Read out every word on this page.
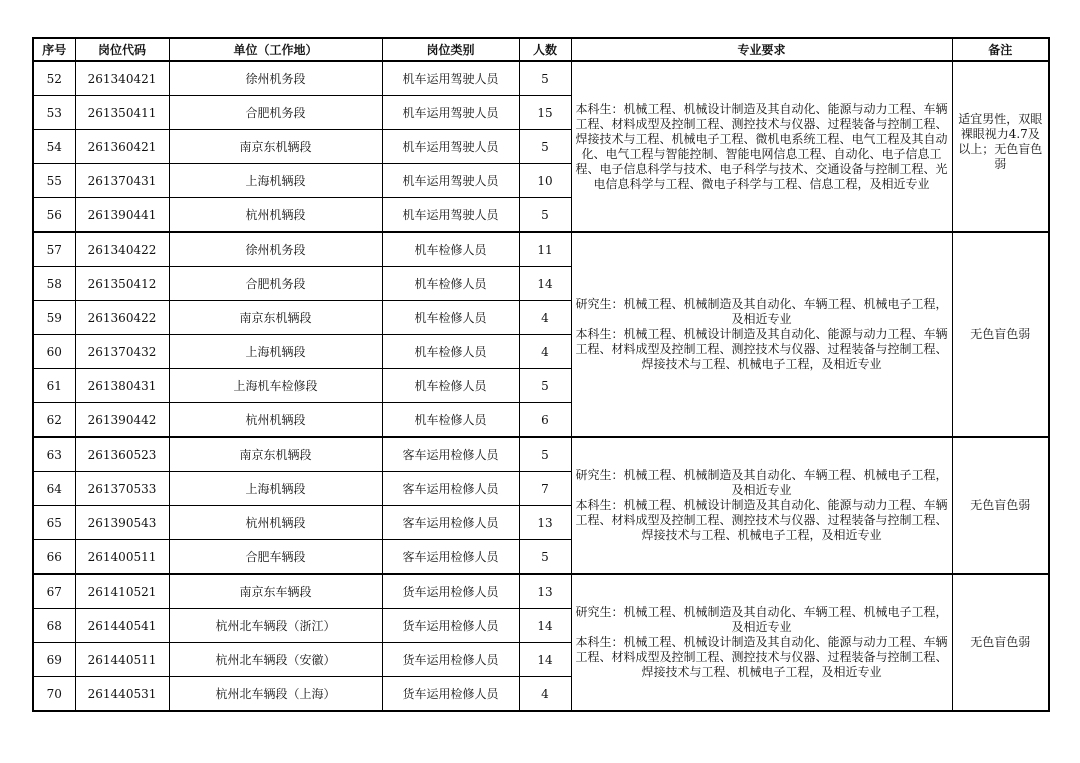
序号	岗位代码	单位（工作地）	岗位类别	人数	专业要求	备注
52	261340421	徐州机务段	机车运用驾驶人员	5	本科生：机械工程、机械设计制造及其自动化、能源与动力工程、车辆工程、材料成型及控制工程、测控技术与仪器、过程装备与控制工程、焊接技术与工程、机械电子工程、微机电系统工程、电气工程及其自动化、电气工程与智能控制、智能电网信息工程、自动化、电子信息工程、电子信息科学与技术、电子科学与技术、交通设备与控制工程、光电信息科学与工程、微电子科学与工程、信息工程，及相近专业	适宜男性，双眼裸眼视力4.7及以上；无色盲色弱
53	261350411	合肥机务段	机车运用驾驶人员	15		
54	261360421	南京东机辆段	机车运用驾驶人员	5		
55	261370431	上海机辆段	机车运用驾驶人员	10		
56	261390441	杭州机辆段	机车运用驾驶人员	5		
57	261340422	徐州机务段	机车检修人员	11	研究生：机械工程、机械制造及其自动化、车辆工程、机械电子工程，及相近专业
本科生：机械工程、机械设计制造及其自动化、能源与动力工程、车辆工程、材料成型及控制工程、测控技术与仪器、过程装备与控制工程、焊接技术与工程、机械电子工程，及相近专业	无色盲色弱
58	261350412	合肥机务段	机车检修人员	14		
59	261360422	南京东机辆段	机车检修人员	4		
60	261370432	上海机辆段	机车检修人员	4		
61	261380431	上海机车检修段	机车检修人员	5		
62	261390442	杭州机辆段	机车检修人员	6		
63	261360523	南京东机辆段	客车运用检修人员	5	研究生：机械工程、机械制造及其自动化、车辆工程、机械电子工程，及相近专业
本科生：机械工程、机械设计制造及其自动化、能源与动力工程、车辆工程、材料成型及控制工程、测控技术与仪器、过程装备与控制工程、焊接技术与工程、机械电子工程，及相近专业	无色盲色弱
64	261370533	上海机辆段	客车运用检修人员	7		
65	261390543	杭州机辆段	客车运用检修人员	13		
66	261400511	合肥车辆段	客车运用检修人员	5		
67	261410521	南京东车辆段	货车运用检修人员	13	研究生：机械工程、机械制造及其自动化、车辆工程、机械电子工程，及相近专业
本科生：机械工程、机械设计制造及其自动化、能源与动力工程、车辆工程、材料成型及控制工程、测控技术与仪器、过程装备与控制工程、焊接技术与工程、机械电子工程，及相近专业	无色盲色弱
68	261440541	杭州北车辆段（浙江）	货车运用检修人员	14		
69	261440511	杭州北车辆段（安徽）	货车运用检修人员	14		
70	261440531	杭州北车辆段（上海）	货车运用检修人员	4		
